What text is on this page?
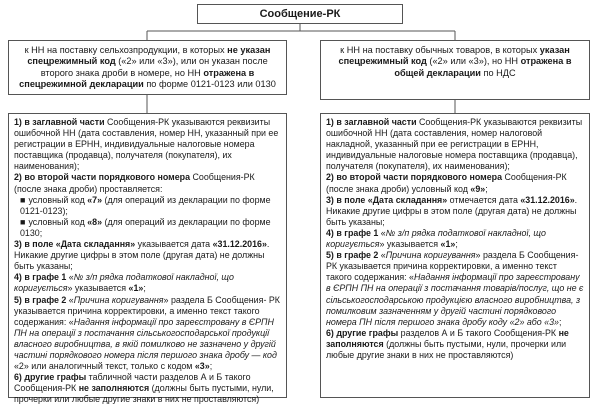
Сообщение-РК
к НН на поставку сельхозпродукции, в которых не указан спецрежимный код («2» или «3»), или он указан после второго знака дроби в номере, но НН отражена в спецрежимной декларации по форме 0121-0123 или 0130
к НН на поставку обычных товаров, в которых указан спецрежимный код («2» или «3»), но НН отражена в общей декларации по НДС

1) в заглавной части Сообщения-РК указываются реквизиты ошибочной НН (дата составления, номер НН, указанный при ее регистрации в ЕРНН, индивидуальные налоговые номера поставщика (продавца), получателя (покупателя), их наименования);

2) во второй части порядкового номера Сообщения-РК (после знака дроби) проставляется:

■ условный код «7» (для операций из декларации по форме 0121-0123);

■ условный код «8» (для операций из декларации по форме 0130;

3) в поле «Дата складання» указывается дата «31.12.2016». Никакие другие цифры в этом поле (другая дата) не должны быть указаны;

4) в графе 1 «№ з/п рядка податкової накладної, що коригується» указывается «1»;

5) в графе 2 «Причина коригування» раздела Б Сообщения- РК указывается причина корректировки, а именно текст такого содержания: «Надання інформації про зареєстровану в ЄРПН ПН на операції з постачання сільськогосподарської продукції власного виробництва, в якій помилково не зазначено у другій частині порядкового номера після першого знака дробу — код «2» или аналогичный текст, только с кодом «3»;

6) другие графы табличной части разделов А и Б такого Сообщения-РК не заполняются (должны быть пустыми, нули, прочерки или любые другие знаки в них не проставляются)

1) в заглавной части Сообщения-РК указываются реквизиты ошибочной НН (дата составления, номер налоговой накладной, указанный при ее регистрации в ЕРНН, индивидуальные налоговые номера поставщика (продавца), получателя (покупателя), их наименования);

2) во второй части порядкового номера Сообщения-РК (после знака дроби) условный код «9»;

3) в поле «Дата складання» отмечается дата «31.12.2016». Никакие другие цифры в этом поле (другая дата) не должны быть указаны;

4) в графе 1 «№ з/п рядка податкової накладної, що коригується» указывается «1»;

5) в графе 2 «Причина коригування» раздела Б Сообщения-РК указывается причина корректировки, а именно текст такого содержания: «Надання інформації про зареєстровану в ЄРПН ПН на операції з постачання товарів/послуг, що не є сільськогосподарською продукцією власного виробництва, з помилковим зазначенням у другій частині порядкового номера ПН після першого знака дробу коду «2» або «3»;

6) другие графы разделов А и Б такого Сообщения-РК не заполняются (должны быть пустыми, нули, прочерки или любые другие знаки в них не проставляются)
